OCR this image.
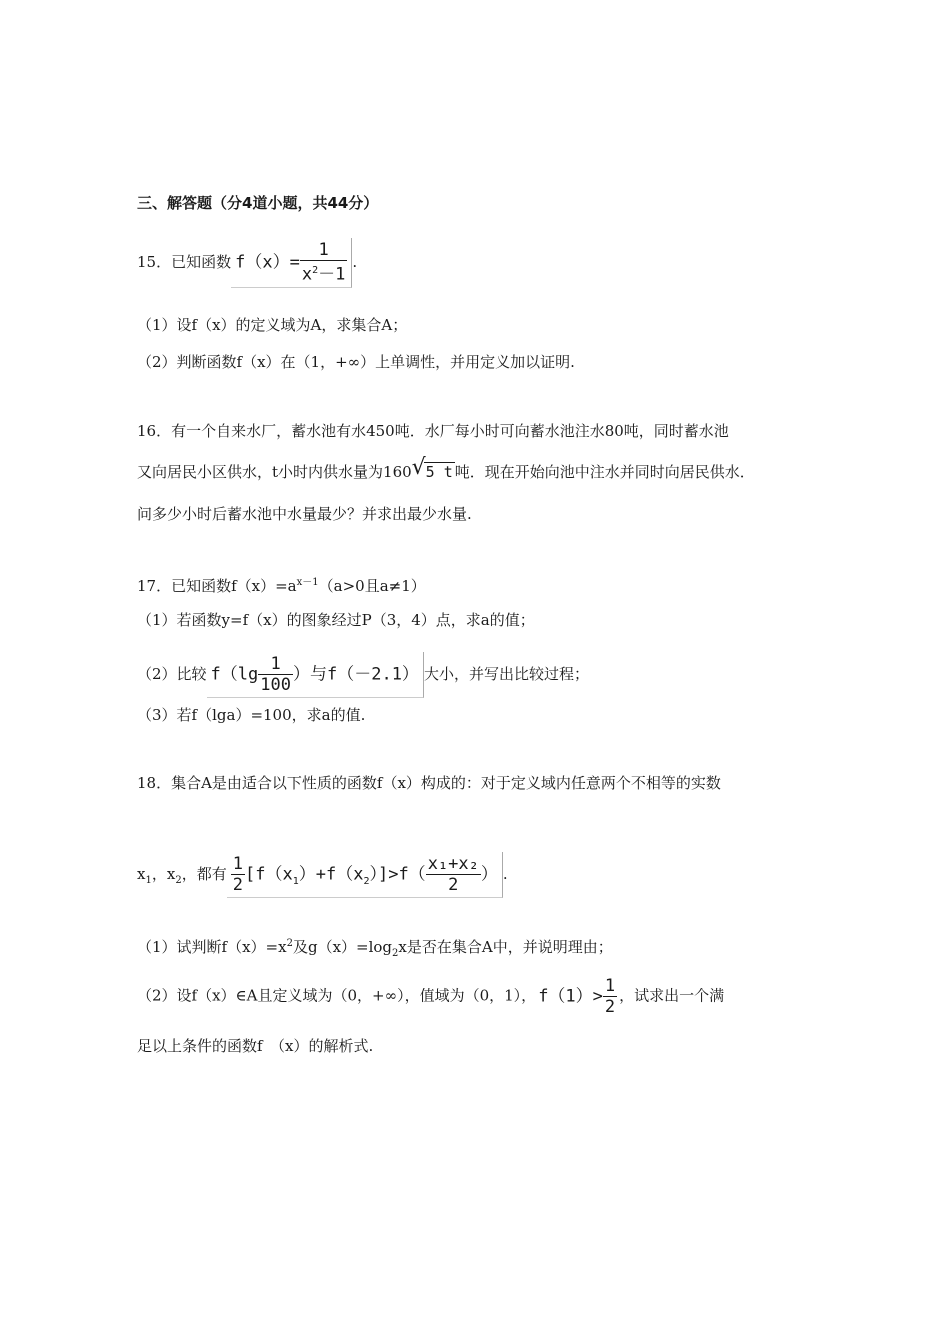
三、解答题（分4道小题，共44分）
15．已知函数 $f(x)= \frac{1}{x^2-1}$ .
（1）设f（x）的定义域为A，求集合A；
（2）判断函数f（x）在（1，+∞）上单调性，并用定义加以证明.
16．有一个自来水厂，蓄水池有水450吨．水厂每小时可向蓄水池注水80吨，同时蓄水池
又向居民小区供水，t小时内供水量为160 √ 5 t 吨．现在开始向池中注水并同时向居民供水．
问多少小时后蓄水池中水量最少？并求出最少水量.
17．已知函数$f(x)=a^{x-1}(a>0$且a≠1）
（1）若函数y=f（x）的图象经过P（3，4）点，求a的值；
（2）比较 $f(\lg \frac{1}{100}$ ）与f（－2.1） 大小，并写出比较过程；
（3）若f（lga）=100，求a的值.
18．集合A是由适合以下性质的函数f（x）构成的：对于定义域内任意两个不相等的实数
$x_1$，$x_2$，都有 $\frac{1}{2} [f(x_1)+f(x_2)]>f( \frac{\text{x₁+x₂}}{2}$ ） .
（1）试判断$f(x)=x^2$及$g(x)=\log_2x$是否在集合A中，并说明理由；
（2）设f（x）∈A且定义域为（0，+∞），值域为（0，1）， $f(1)> \frac{1}{2}$ ，试求出一个满
足以上条件的函数f　（x）的解析式.
